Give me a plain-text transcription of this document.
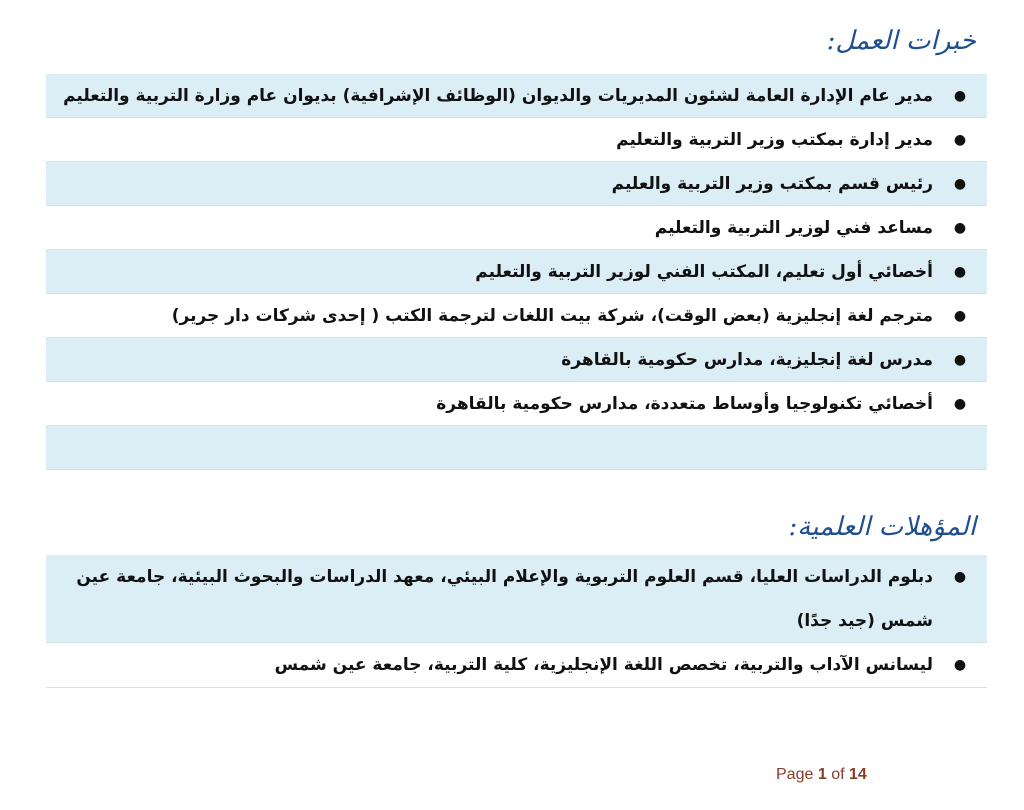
خبرات العمل:
●
مدير عام الإدارة العامة لشئون المديريات والديوان (الوظائف الإشرافية) بديوان عام وزارة التربية والتعليم
●
مدير إدارة بمكتب وزير التربية والتعليم
●
رئيس قسم بمكتب وزير التربية والعليم
●
مساعد فني لوزير التربية والتعليم
●
أخصائي أول تعليم، المكتب الفني لوزير التربية والتعليم
●
مترجم لغة إنجليزية (بعض الوقت)، شركة بيت اللغات لترجمة الكتب ( إحدى شركات دار جرير)
●
مدرس لغة إنجليزية، مدارس حكومية بالقاهرة
●
أخصائي تكنولوجيا وأوساط متعددة، مدارس حكومية بالقاهرة
المؤهلات العلمية:
●
دبلوم الدراسات العليا، قسم العلوم التربوية والإعلام البيئي، معهد الدراسات والبحوث البيئية، جامعة عين شمس (جيد جدًا)
●
ليسانس الآداب والتربية، تخصص اللغة الإنجليزية، كلية التربية، جامعة عين شمس
Page 1 of 14
